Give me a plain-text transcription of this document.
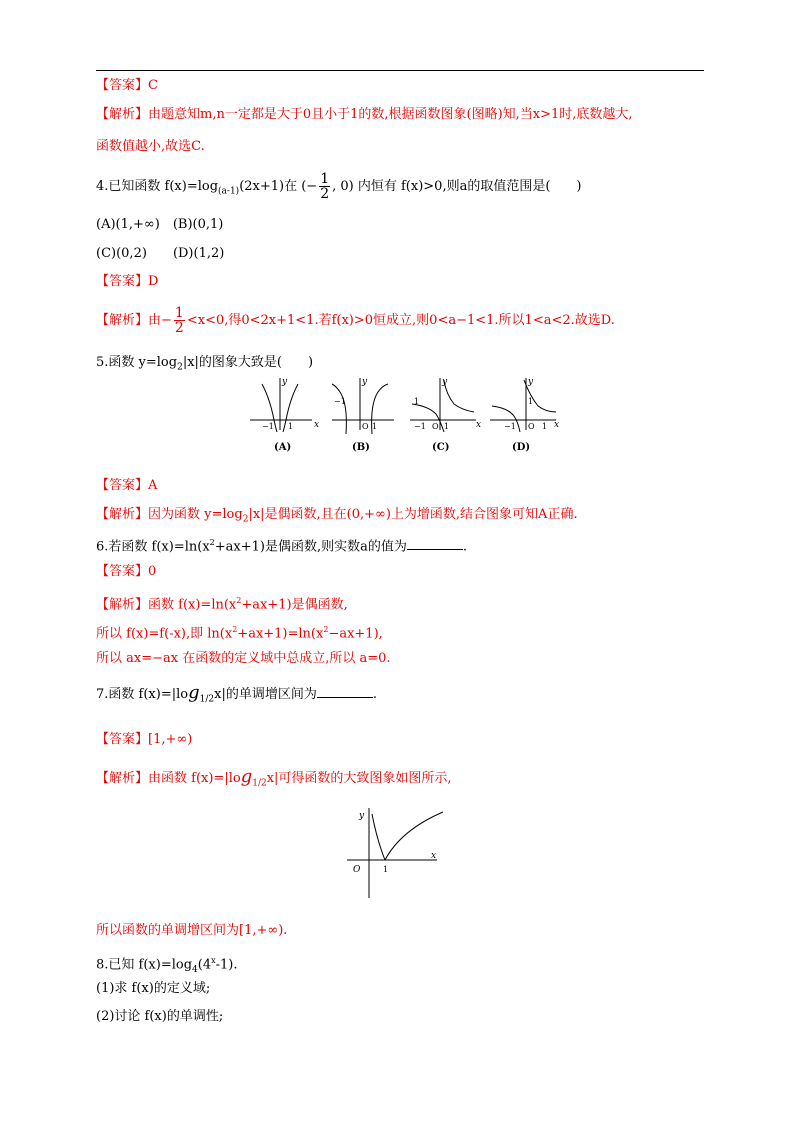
【答案】C
【解析】由题意知m,n一定都是大于0且小于1的数,根据函数图象(图略)知,当x>1时,底数越大,
函数值越小,故选C.
4.已知函数 $f(x)=\log_{(a-1)}(2x+1)$在 (− $\frac{1}{2}$ , 0) 内恒有 f(x)>0,则a的取值范围是(　　)
(A)(1,+∞)　 (B)(0,1)
(C)(0,2)　　 (D)(1,2)
【答案】D
【解析】由− $\frac{1}{2} <x<0$,得0<2x+1<1.若f(x)>0恒成立,则0<a−1<1.所以1<a<2.故选D.
5.函数 $y=\log_2|x|$的图象大致是(　　)
y
x
y	y
x
y
x
−1 1
−1
O 1
1
−1 O 1	−1 O
1
1
(A)	(B)	(C)	(D)
【答案】A
【解析】因为函数 $y=\log_2|x|$是偶函数,且在(0,+∞)上为增函数,结合图象可知A正确.
6.若函数 $f(x)=\ln(x^2+ax+1)$是偶函数,则实数a的值为	.
【答案】0
【解析】函数 $f(x)=\ln(x^2+ax+1)$是偶函数,
所以 f(x)=f(-x),即 $\ln(x^2+ax+1)=\ln(x^2-ax+1)$,
所以 ax=−ax 在函数的定义域中总成立,所以 a=0.
7.函数 $f(x)=|\log_{1/2}x|$的单调增区间为	.
【答案】[1,+∞)
【解析】由函数 $f(x)=|\log_{1/2}x|$可得函数的大致图象如图所示,
y
x
O	1
所以函数的单调增区间为[1,+∞).
8.已知 $f(x)=\log_4(4^x-1)$.
(1)求 f(x)的定义域;
(2)讨论 f(x)的单调性;
